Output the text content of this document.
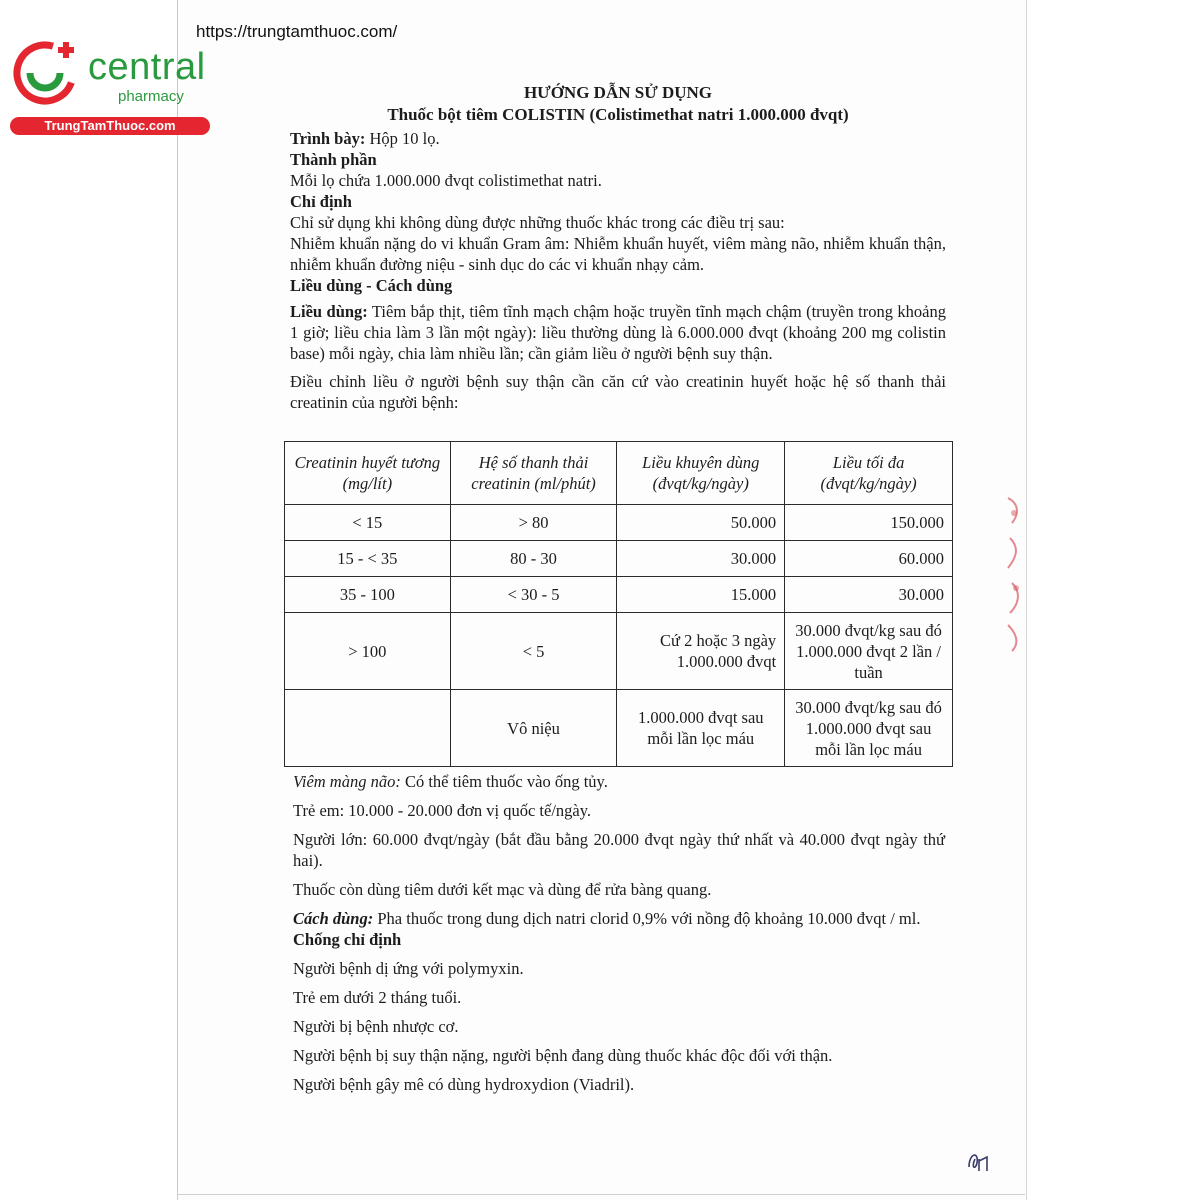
https://trungtamthuoc.com/
central
pharmacy
TrungTamThuoc.com

HƯỚNG DẪN SỬ DỤNG

Thuốc bột tiêm COLISTIN (Colistimethat natri 1.000.000 đvqt)

Trình bày: Hộp 10 lọ.

Thành phần

Mỗi lọ chứa 1.000.000 đvqt colistimethat natri.

Chỉ định

Chỉ sử dụng khi không dùng được những thuốc khác trong các điều trị sau:

Nhiễm khuẩn nặng do vi khuẩn Gram âm: Nhiễm khuẩn huyết, viêm màng não, nhiễm khuẩn thận, nhiễm khuẩn đường niệu - sinh dục do các vi khuẩn nhạy cảm.

Liều dùng - Cách dùng

Liều dùng: Tiêm bắp thịt, tiêm tĩnh mạch chậm hoặc truyền tĩnh mạch chậm (truyền trong khoảng 1 giờ; liều chia làm 3 lần một ngày): liều thường dùng là 6.000.000 đvqt (khoảng 200 mg colistin base) mỗi ngày, chia làm nhiều lần; cần giảm liều ở người bệnh suy thận.

Điều chỉnh liều ở người bệnh suy thận cần căn cứ vào creatinin huyết hoặc hệ số thanh thải creatinin của người bệnh:

Creatinin huyết tương (mg/lít)	Hệ số thanh thải creatinin (ml/phút)	Liều khuyên dùng (đvqt/kg/ngày)	Liều tối đa (đvqt/kg/ngày)
< 15	> 80	50.000	150.000
15 - < 35	80 - 30	30.000	60.000
35 - 100	< 30 - 5	15.000	30.000
> 100	< 5	Cứ 2 hoặc 3 ngày 1.000.000 đvqt	30.000 đvqt/kg sau đó 1.000.000 đvqt 2 lần / tuần
	Vô niệu	1.000.000 đvqt sau mỗi lần lọc máu	30.000 đvqt/kg sau đó 1.000.000 đvqt sau mỗi lần lọc máu

Viêm màng não: Có thể tiêm thuốc vào ống tủy.

Trẻ em: 10.000 - 20.000 đơn vị quốc tế/ngày.

Người lớn: 60.000 đvqt/ngày (bắt đầu bằng 20.000 đvqt ngày thứ nhất và 40.000 đvqt ngày thứ hai).

Thuốc còn dùng tiêm dưới kết mạc và dùng để rửa bàng quang.

Cách dùng: Pha thuốc trong dung dịch natri clorid 0,9% với nồng độ khoảng 10.000 đvqt / ml.

Chống chỉ định

Người bệnh dị ứng với polymyxin.

Trẻ em dưới 2 tháng tuổi.

Người bị bệnh nhược cơ.

Người bệnh bị suy thận nặng, người bệnh đang dùng thuốc khác độc đối với thận.

Người bệnh gây mê có dùng hydroxydion (Viadril).
